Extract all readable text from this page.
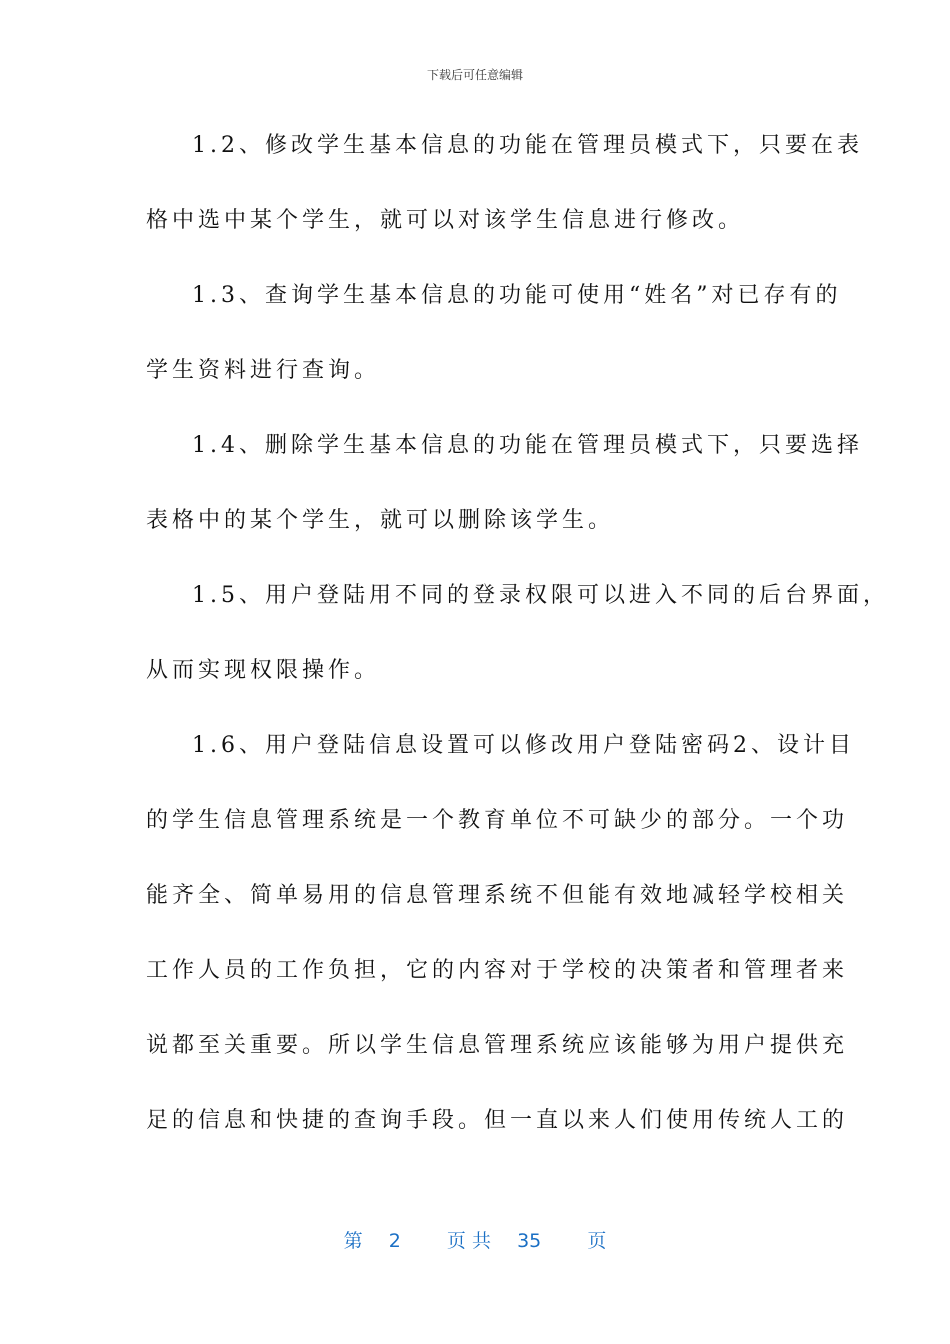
下载后可任意编辑
1.2、修改学生基本信息的功能在管理员模式下，只要在表
格中选中某个学生，就可以对该学生信息进行修改。
1.3、查询学生基本信息的功能可使用“姓名”对已存有的
学生资料进行查询。
1.4、删除学生基本信息的功能在管理员模式下，只要选择
表格中的某个学生，就可以删除该学生。
1.5、用户登陆用不同的登录权限可以进入不同的后台界面，
从而实现权限操作。
1.6、用户登陆信息设置可以修改用户登陆密码2、设计目
的学生信息管理系统是一个教育单位不可缺少的部分。一个功
能齐全、简单易用的信息管理系统不但能有效地减轻学校相关
工作人员的工作负担，它的内容对于学校的决策者和管理者来
说都至关重要。所以学生信息管理系统应该能够为用户提供充
足的信息和快捷的查询手段。但一直以来人们使用传统人工的
第 2 页 共 35 页
